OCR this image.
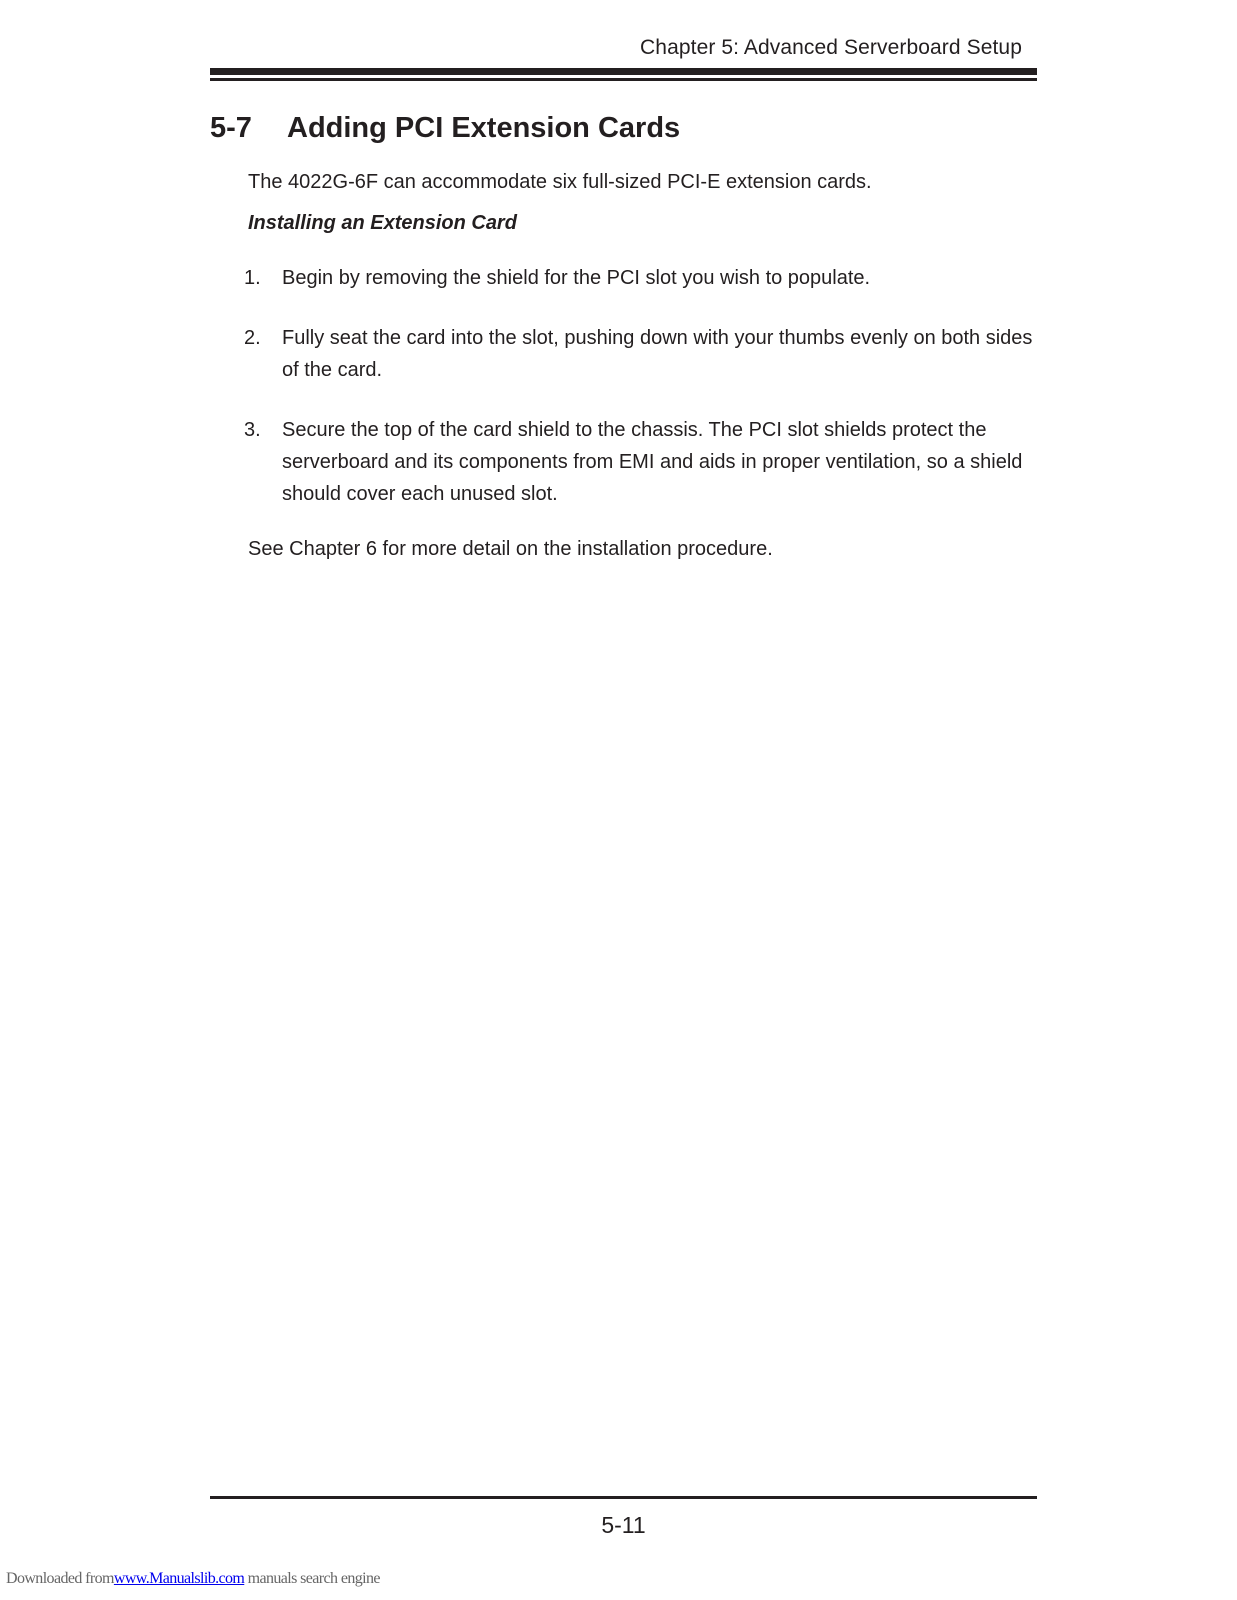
Chapter 5: Advanced Serverboard Setup
5-7 Adding PCI Extension Cards

The 4022G-6F can accommodate six full-sized PCI-E extension cards.

Installing an Extension Card

1. Begin by removing the shield for the PCI slot you wish to populate.
2. Fully seat the card into the slot, pushing down with your thumbs evenly on both sides of the card.
3. Secure the top of the card shield to the chassis. The PCI slot shields protect the serverboard and its components from EMI and aids in proper ventilation, so a shield should cover each unused slot.

See Chapter 6 for more detail on the installation procedure.

5-11
Downloaded fromwww.Manualslib.com manuals search engine
